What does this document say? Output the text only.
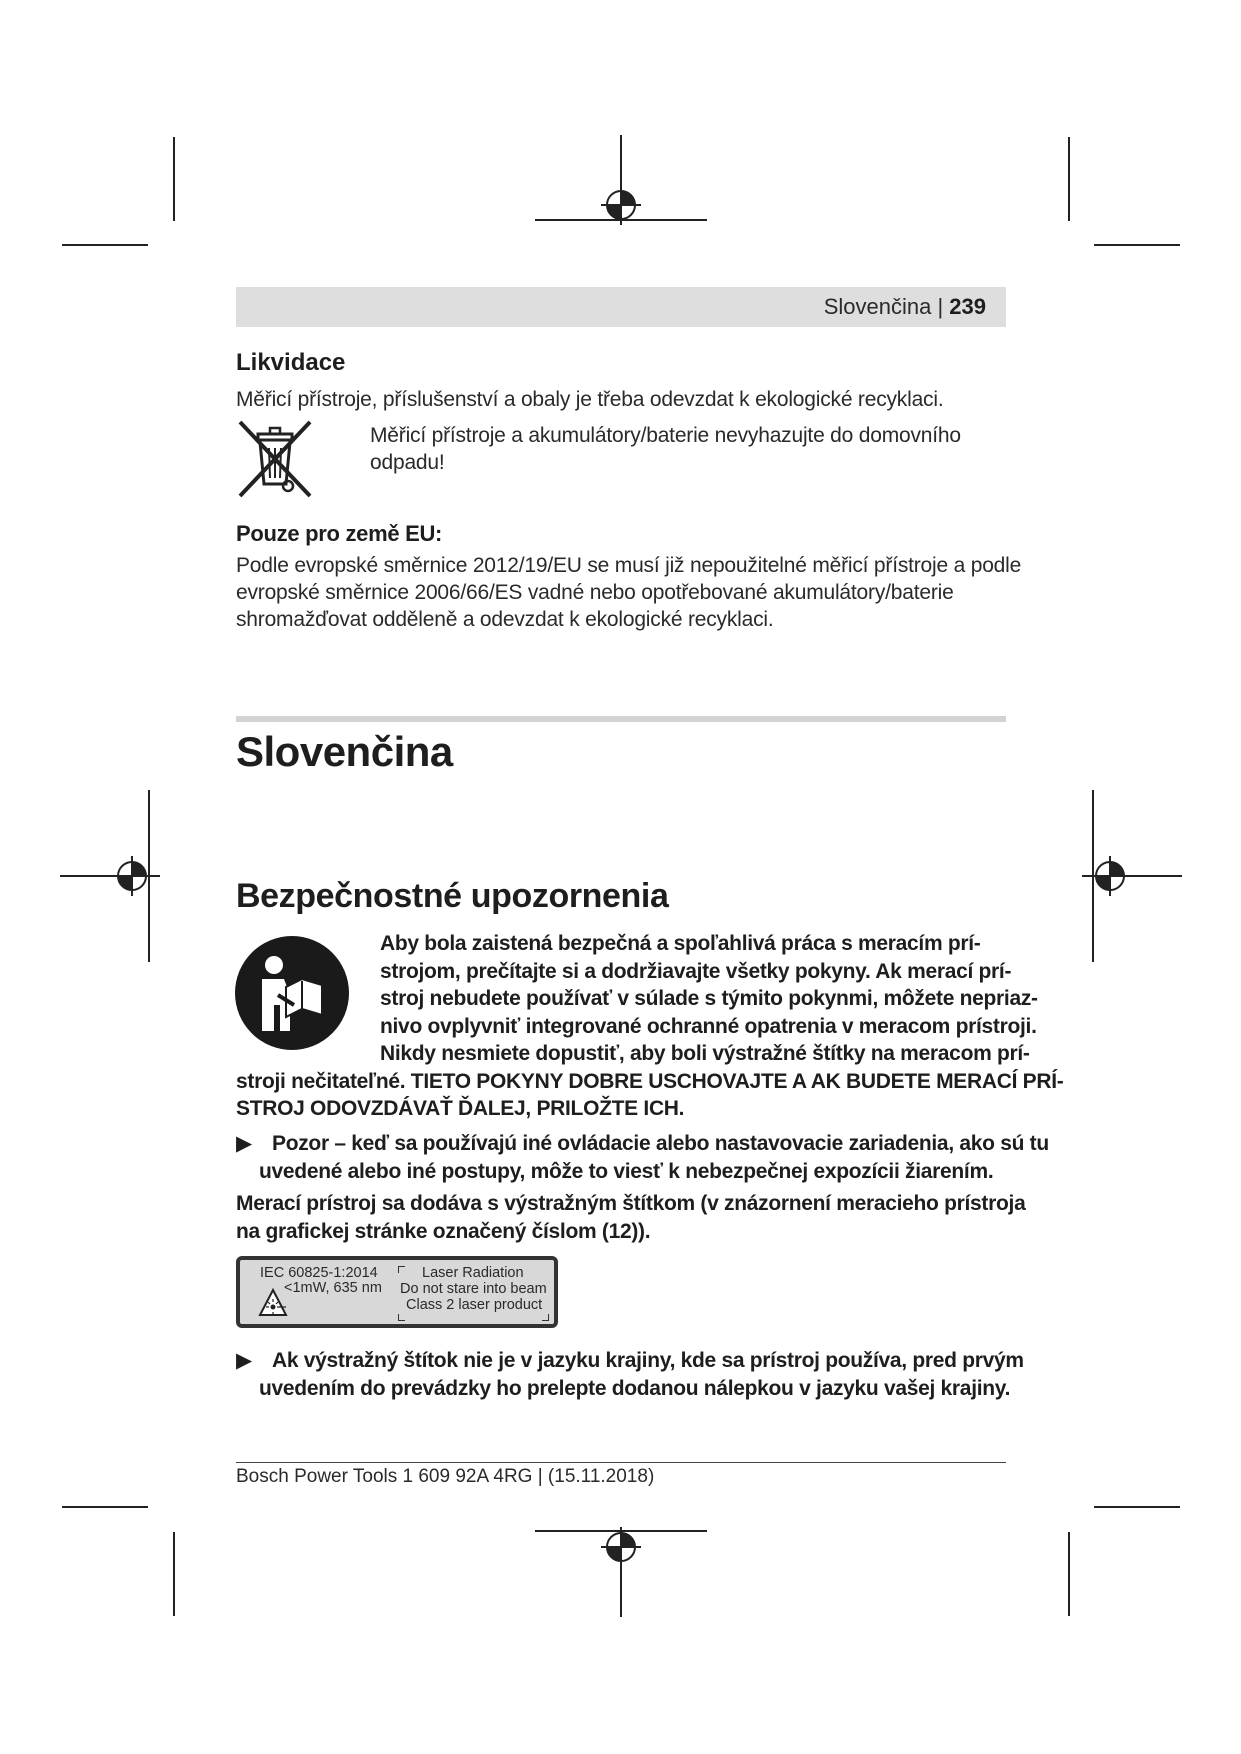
Slovenčina | 239
Likvidace

Měřicí přístroje, příslušenství a obaly je třeba odevzdat k ekologické recyklaci.

Měřicí přístroje a akumulátory/baterie nevyhazujte do domovního

odpadu!

Pouze pro země EU:

Podle evropské směrnice 2012/19/EU se musí již nepoužitelné měřicí přístroje a podle

evropské směrnice 2006/66/ES vadné nebo opotřebované akumulátory/baterie

shromažďovat odděleně a odevzdat k ekologické recyklaci.

Slovenčina
Bezpečnostné upozornenia

Aby bola zaistená bezpečná a spoľahlivá práca s meracím prí-

strojom, prečítajte si a dodržiavajte všetky pokyny. Ak merací prí-

stroj nebudete používať v súlade s týmito pokynmi, môžete nepriaz-

nivo ovplyvniť integrované ochranné opatrenia v meracom prístroji.

Nikdy nesmiete dopustiť, aby boli výstražné štítky na meracom prí-

stroji nečitateľné. TIETO POKYNY DOBRE USCHOVAJTE A AK BUDETE MERACÍ PRÍ-

STROJ ODOVZDÁVAŤ ĎALEJ, PRILOŽTE ICH.

▶ Pozor – keď sa používajú iné ovládacie alebo nastavovacie zariadenia, ako sú tu

uvedené alebo iné postupy, môže to viesť k nebezpečnej expozícii žiarením.

Merací prístroj sa dodáva s výstražným štítkom (v znázornení meracieho prístroja

na grafickej stránke označený číslom (12)).

IEC 60825-1:2014
<1mW, 635 nm
Laser Radiation
Do not stare into beam
Class 2 laser product

▶ Ak výstražný štítok nie je v jazyku krajiny, kde sa prístroj používa, pred prvým

uvedením do prevádzky ho prelepte dodanou nálepkou v jazyku vašej krajiny.

Bosch Power Tools 1 609 92A 4RG | (15.11.2018)
